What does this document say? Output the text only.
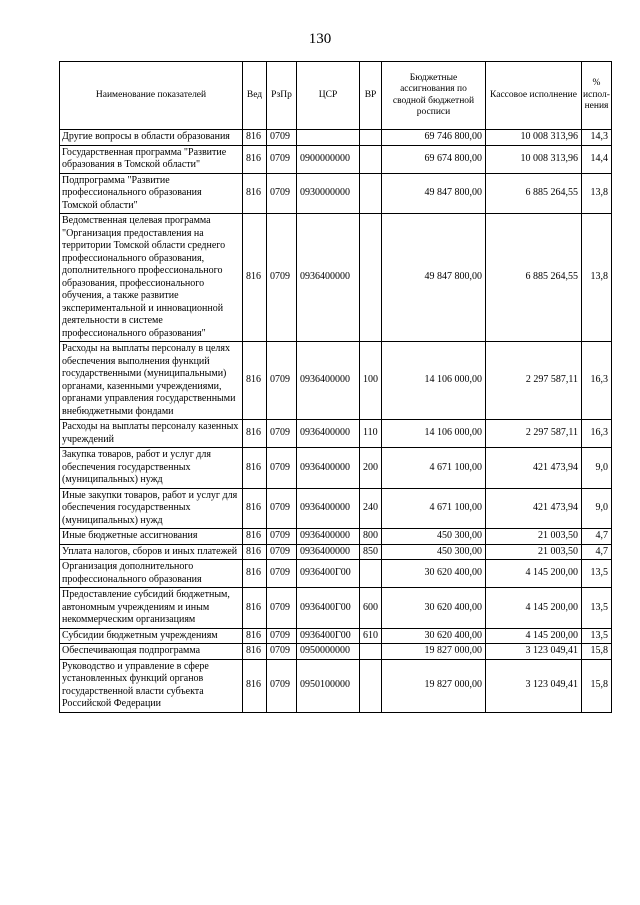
130
Наименование показателей	Вед	РзПр	ЦСР	ВР	Бюджетные ассигнования по сводной бюджетной росписи	Кассовое исполнение	% испол-нения
Другие вопросы в области образования	816	0709			69 746 800,00	10 008 313,96	14,3
Государственная программа "Развитие образования в Томской области"	816	0709	0900000000		69 674 800,00	10 008 313,96	14,4
Подпрограмма "Развитие профессионального образования Томской области"	816	0709	0930000000		49 847 800,00	6 885 264,55	13,8
Ведомственная целевая программа "Организация предоставления на территории Томской области среднего профессионального образования, дополнительного профессионального образования, профессионального обучения, а также развитие экспериментальной и инновационной деятельности в системе профессионального образования"	816	0709	0936400000		49 847 800,00	6 885 264,55	13,8
Расходы на выплаты персоналу в целях обеспечения выполнения функций государственными (муниципальными) органами, казенными учреждениями, органами управления государственными внебюджетными фондами	816	0709	0936400000	100	14 106 000,00	2 297 587,11	16,3
Расходы на выплаты персоналу казенных учреждений	816	0709	0936400000	110	14 106 000,00	2 297 587,11	16,3
Закупка товаров, работ и услуг для обеспечения государственных (муниципальных) нужд	816	0709	0936400000	200	4 671 100,00	421 473,94	9,0
Иные закупки товаров, работ и услуг для обеспечения государственных (муниципальных) нужд	816	0709	0936400000	240	4 671 100,00	421 473,94	9,0
Иные бюджетные ассигнования	816	0709	0936400000	800	450 300,00	21 003,50	4,7
Уплата налогов, сборов и иных платежей	816	0709	0936400000	850	450 300,00	21 003,50	4,7
Организация дополнительного профессионального образования	816	0709	0936400Г00		30 620 400,00	4 145 200,00	13,5
Предоставление субсидий бюджетным, автономным учреждениям и иным некоммерческим организациям	816	0709	0936400Г00	600	30 620 400,00	4 145 200,00	13,5
Субсидии бюджетным учреждениям	816	0709	0936400Г00	610	30 620 400,00	4 145 200,00	13,5
Обеспечивающая подпрограмма	816	0709	0950000000		19 827 000,00	3 123 049,41	15,8
Руководство и управление в сфере установленных функций органов государственной власти субъекта Российской Федерации	816	0709	0950100000		19 827 000,00	3 123 049,41	15,8
